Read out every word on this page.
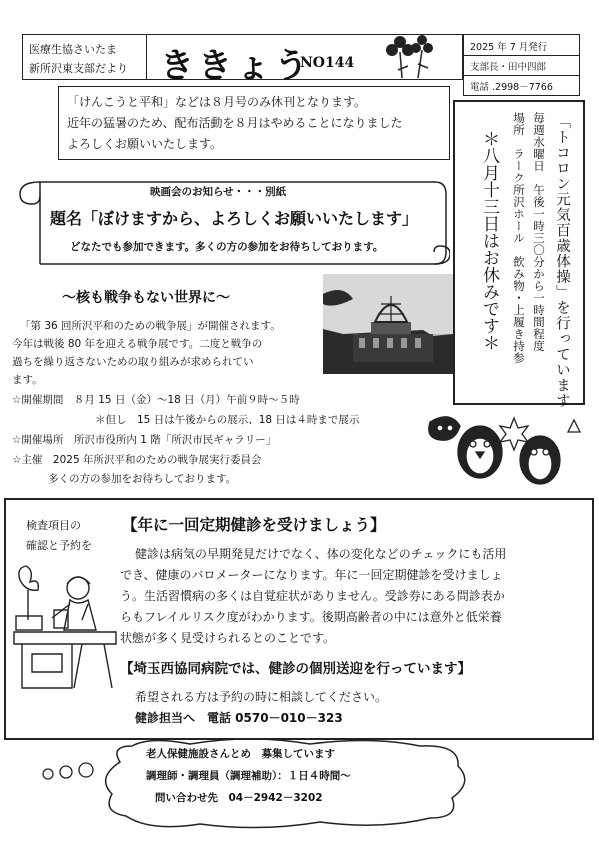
医療生協さいたま
新所沢東支部だより ききょう
NO144
2025 年 7 月発行
支部長・田中四郎
電話 .2998－7766
「けんこうと平和」などは８月号のみ休刊となります。
近年の猛暑のため、配布活動を８月はやめることになりました
よろしくお願いいたします。	「トコロン元気百歳体操」を行っています
毎週水曜日　午後一時三〇分から一時間程度
場所　ラーク所沢ホール　飲み物・上履き持参
＊八月十三日はお休みです＊
映画会のお知らせ・・・別紙
題名「ぼけますから、よろしくお願いいたします」
どなたでも参加できます。多くの方の参加をお待ちしております。
～核も戦争もない世界に～
「第 36 回所沢平和のための戦争展」が開催されます。
今年は戦後 80 年を迎える戦争展です。二度と戦争の
過ちを繰り返さないための取り組みが求められてい
ます。
☆開催期間　８月 15 日（金）～18 日（月）午前９時～５時
＊但し　15 日は午後からの展示、18 日は４時まで展示
☆開催場所　所沢市役所内 1 階「所沢市民ギャラリー」
☆主催　2025 年所沢平和のための戦争展実行委員会
多くの方の参加をお待ちしております。
検査項目の
確認と予約を
【年に一回定期健診を受けましょう】
健診は病気の早期発見だけでなく、体の変化などのチェックにも活用
でき、健康のバロメーターになります。年に一回定期健診を受けましょ
う。生活習慣病の多くは自覚症状がありません。受診券にある問診表か
らもフレイルリスク度がわかります。後期高齢者の中には意外と低栄養
状態が多く見受けられるとのことです。
【埼玉西協同病院では、健診の個別送迎を行っています】
希望される方は予約の時に相談してください。
健診担当へ　電話 0570－010－323
老人保健施設さんとめ　募集しています
調理師・調理員（調理補助）：１日４時間～
問い合わせ先　04－2942－3202
